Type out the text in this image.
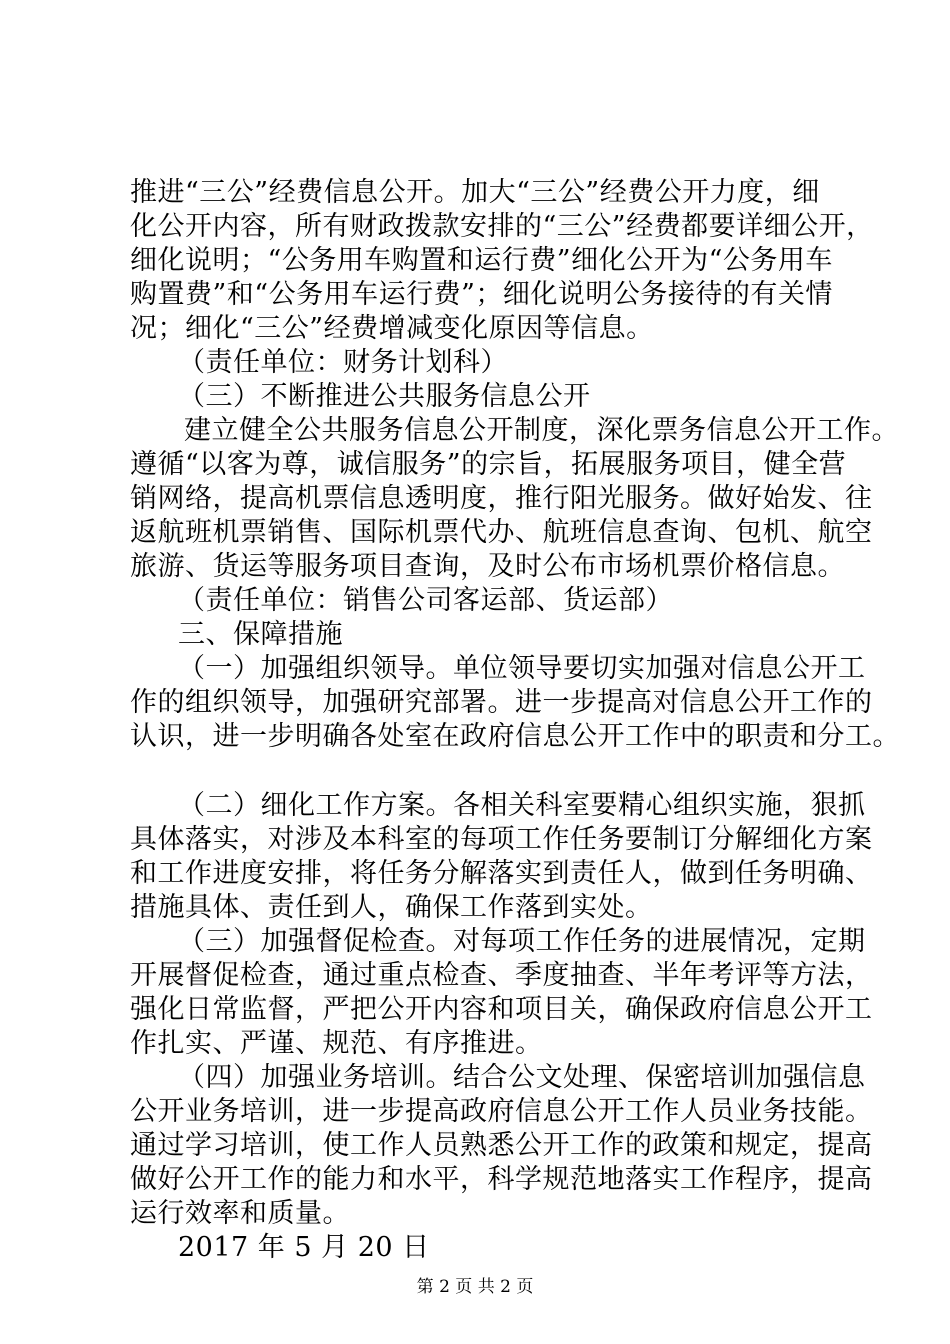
推进“三公”经费信息公开。加大“三公”经费公开力度，细
化公开内容，所有财政拨款安排的“三公”经费都要详细公开，
细化说明；“公务用车购置和运行费”细化公开为“公务用车
购置费”和“公务用车运行费”；细化说明公务接待的有关情
况；细化“三公”经费增减变化原因等信息。
（责任单位：财务计划科）
（三）不断推进公共服务信息公开
建立健全公共服务信息公开制度，深化票务信息公开工作。
遵循“以客为尊，诚信服务”的宗旨，拓展服务项目，健全营
销网络，提高机票信息透明度，推行阳光服务。做好始发、往
返航班机票销售、国际机票代办、航班信息查询、包机、航空
旅游、货运等服务项目查询，及时公布市场机票价格信息。
（责任单位：销售公司客运部、货运部）
三、保障措施
（一）加强组织领导。单位领导要切实加强对信息公开工
作的组织领导，加强研究部署。进一步提高对信息公开工作的
认识，进一步明确各处室在政府信息公开工作中的职责和分工。
（二）细化工作方案。各相关科室要精心组织实施，狠抓
具体落实，对涉及本科室的每项工作任务要制订分解细化方案
和工作进度安排，将任务分解落实到责任人，做到任务明确、
措施具体、责任到人，确保工作落到实处。
（三）加强督促检查。对每项工作任务的进展情况，定期
开展督促检查，通过重点检查、季度抽查、半年考评等方法，
强化日常监督，严把公开内容和项目关，确保政府信息公开工
作扎实、严谨、规范、有序推进。
（四）加强业务培训。结合公文处理、保密培训加强信息
公开业务培训，进一步提高政府信息公开工作人员业务技能。
通过学习培训，使工作人员熟悉公开工作的政策和规定，提高
做好公开工作的能力和水平，科学规范地落实工作程序，提高
运行效率和质量。
2017 年 5 月 20 日
第 2 页 共 2 页
